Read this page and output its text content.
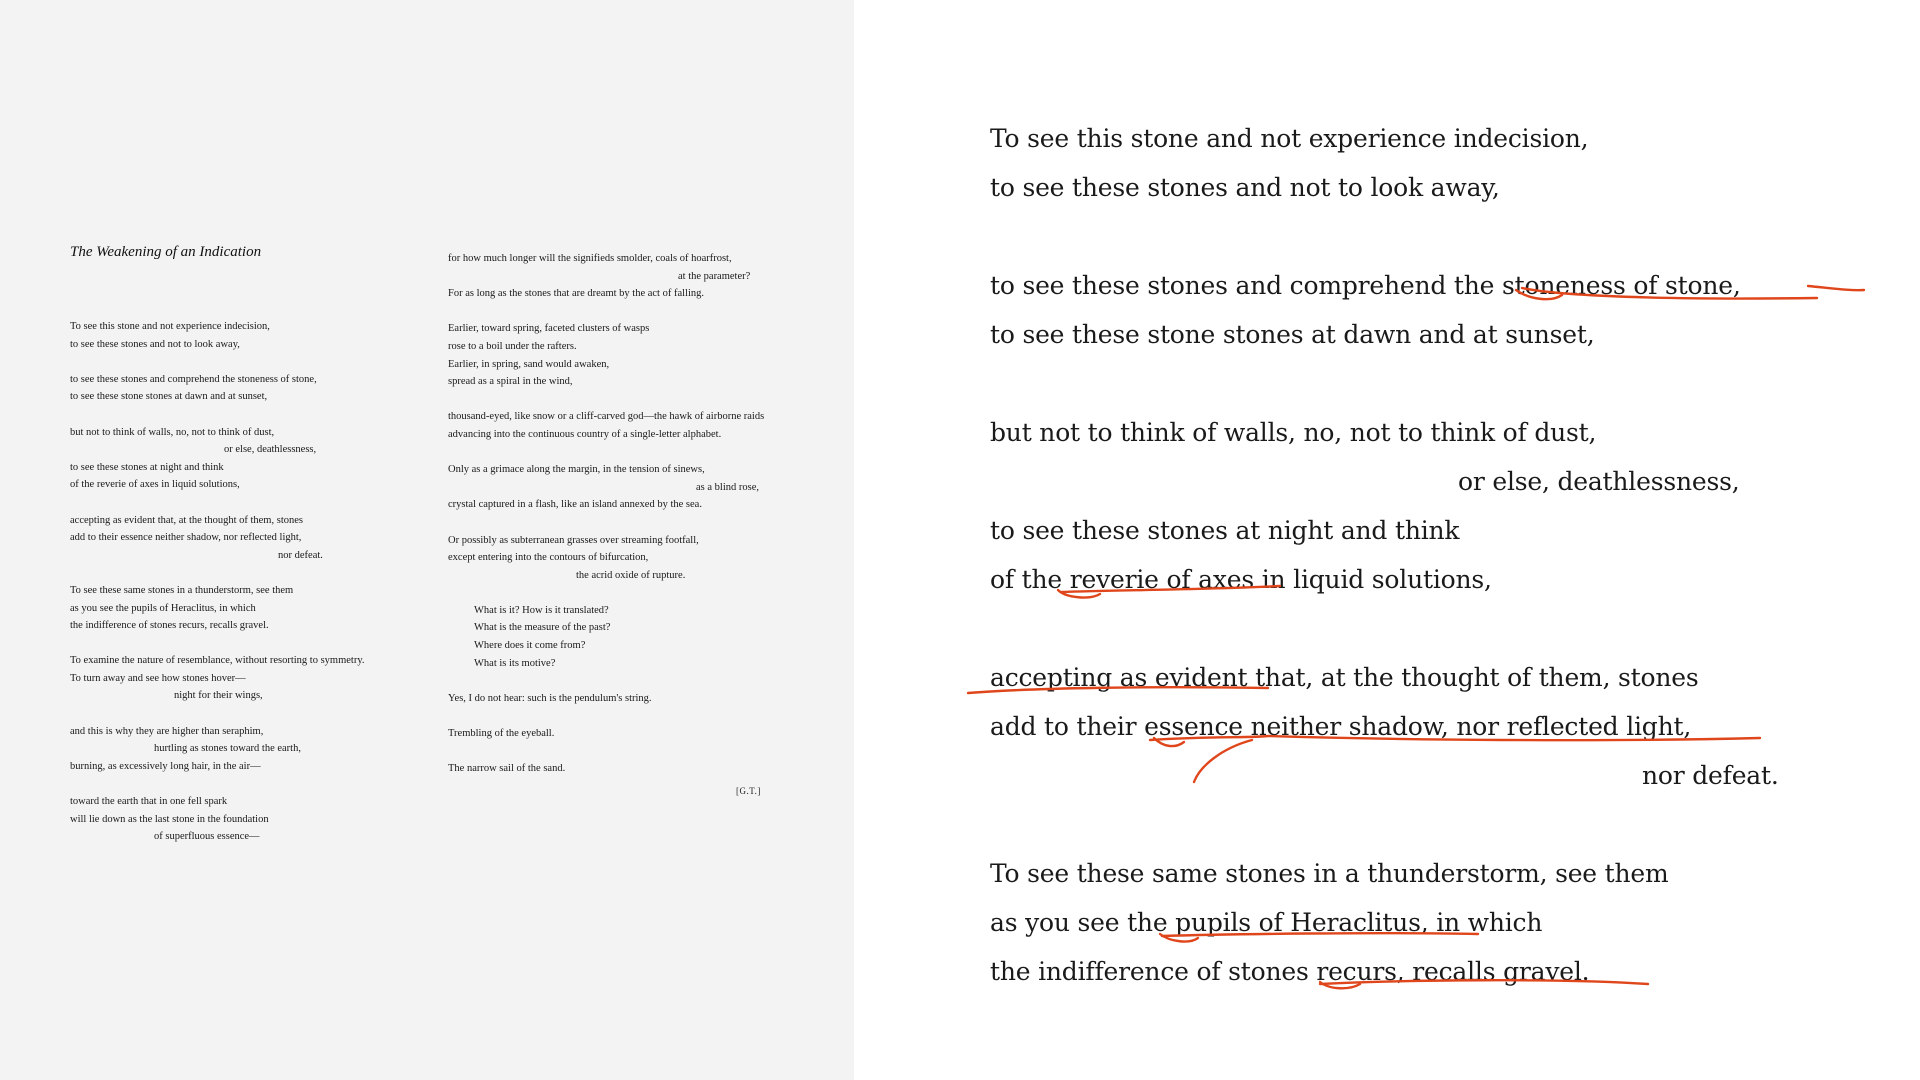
The Weakening of an Indication
To see this stone and not experience indecision,
to see these stones and not to look away,
to see these stones and comprehend the stoneness of stone,
to see these stone stones at dawn and at sunset,
but not to think of walls, no, not to think of dust,
or else, deathlessness,
to see these stones at night and think
of the reverie of axes in liquid solutions,
accepting as evident that, at the thought of them, stones
add to their essence neither shadow, nor reflected light,
nor defeat.
To see these same stones in a thunderstorm, see them
as you see the pupils of Heraclitus, in which
the indifference of stones recurs, recalls gravel.
To examine the nature of resemblance, without resorting to symmetry.
To turn away and see how stones hover—
night for their wings,
and this is why they are higher than seraphim,
hurtling as stones toward the earth,
burning, as excessively long hair, in the air—
toward the earth that in one fell spark
will lie down as the last stone in the foundation
of superfluous essence—
for how much longer will the signifieds smolder, coals of hoarfrost,
at the parameter?
For as long as the stones that are dreamt by the act of falling.
Earlier, toward spring, faceted clusters of wasps
rose to a boil under the rafters.
Earlier, in spring, sand would awaken,
spread as a spiral in the wind,
thousand-eyed, like snow or a cliff-carved god—the hawk of airborne raids
advancing into the continuous country of a single-letter alphabet.
Only as a grimace along the margin, in the tension of sinews,
as a blind rose,
crystal captured in a flash, like an island annexed by the sea.
Or possibly as subterranean grasses over streaming footfall,
except entering into the contours of bifurcation,
the acrid oxide of rupture.
What is it? How is it translated?
What is the measure of the past?
Where does it come from?
What is its motive?
Yes, I do not hear: such is the pendulum's string.
Trembling of the eyeball.
The narrow sail of the sand.
[G.T.]
To see this stone and not experience indecision,
to see these stones and not to look away,
to see these stones and comprehend the stoneness of stone,
to see these stone stones at dawn and at sunset,
but not to think of walls, no, not to think of dust,
or else, deathlessness,
to see these stones at night and think
of the reverie of axes in liquid solutions,
accepting as evident that, at the thought of them, stones
add to their essence neither shadow, nor reflected light,
nor defeat.
To see these same stones in a thunderstorm, see them
as you see the pupils of Heraclitus, in which
the indifference of stones recurs, recalls gravel.
